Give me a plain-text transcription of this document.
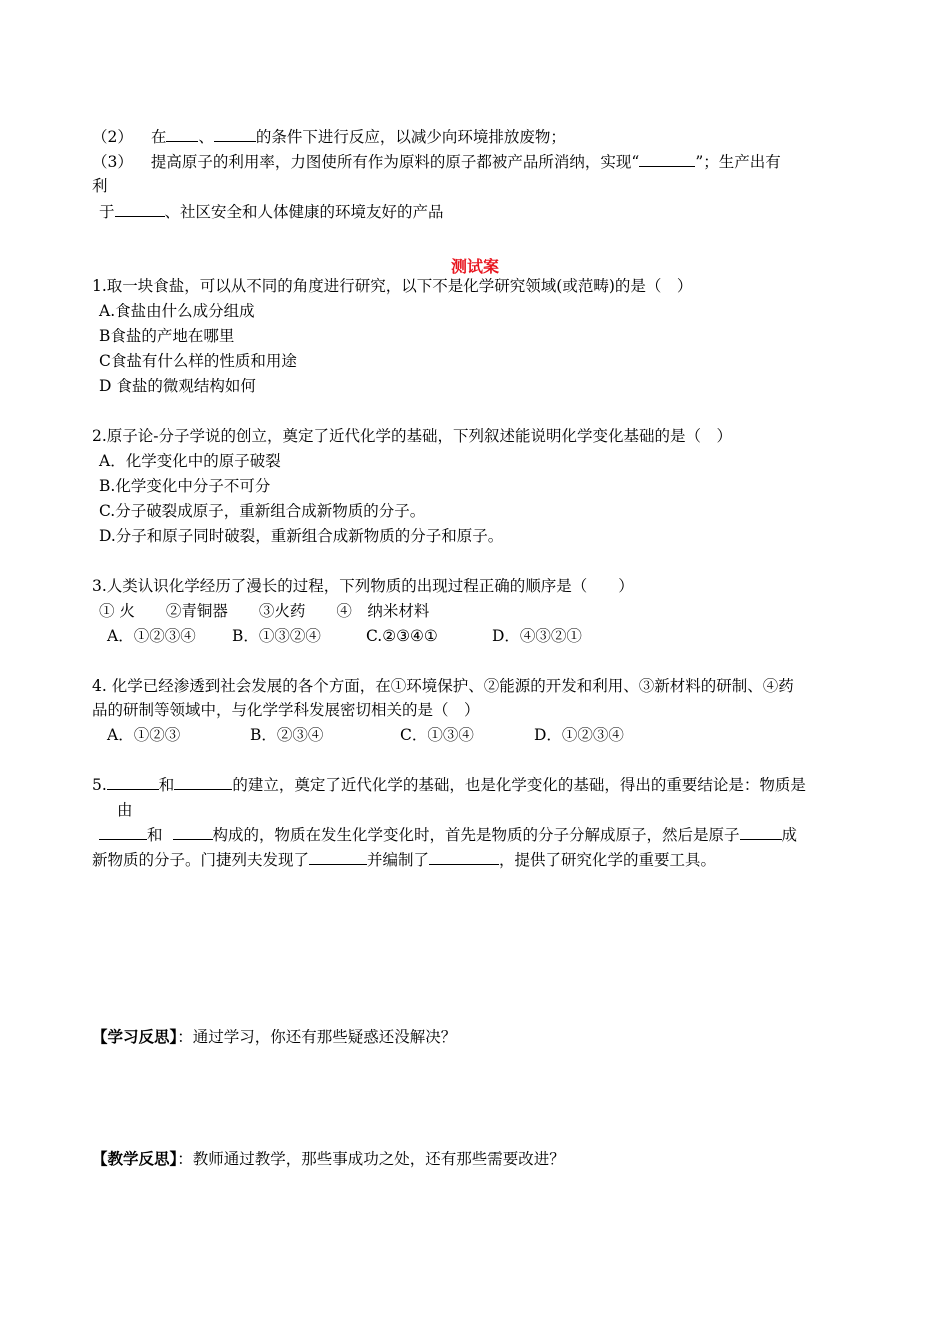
（2） 在 、	的条件下进行反应，以减少向环境排放废物；
（3） 提高原子的利用率，力图使所有作为原料的原子都被产品所消纳，实现“	”；生产出有
利
于	、社区安全和人体健康的环境友好的产品
测试案
1.取一块食盐，可以从不同的角度进行研究，以下不是化学研究领域(或范畴)的是（　）
A.食盐由什么成分组成
B食盐的产地在哪里
C食盐有什么样的性质和用途
D 食盐的微观结构如何
2.原子论-分子学说的创立，奠定了近代化学的基础，下列叙述能说明化学变化基础的是（　）
A．化学变化中的原子破裂
B.化学变化中分子不可分
C.分子破裂成原子，重新组合成新物质的分子。
D.分子和原子同时破裂，重新组合成新物质的分子和原子。
3.人类认识化学经历了漫长的过程，下列物质的出现过程正确的顺序是（　　）
① 火　　②青铜器　　③火药　　④　纳米材料
A．①②③④ B．①③②④	C.②③④①	D．④③②①
4. 化学已经渗透到社会发展的各个方面，在①环境保护、②能源的开发和利用、③新材料的研制、④药
品的研制等领域中，与化学学科发展密切相关的是（　）
A．①②③	B．②③④	C．①③④	D．①②③④
5.	和	的建立，奠定了近代化学的基础，也是化学变化的基础，得出的重要结论是：物质是
由
和	构成的，物质在发生化学变化时，首先是物质的分子分解成原子，然后是原子	成
新物质的分子。门捷列夫发现了	并编制了	，提供了研究化学的重要工具。
【学习反思】：通过学习，你还有那些疑惑还没解决？
【教学反思】：教师通过教学，那些事成功之处，还有那些需要改进？
